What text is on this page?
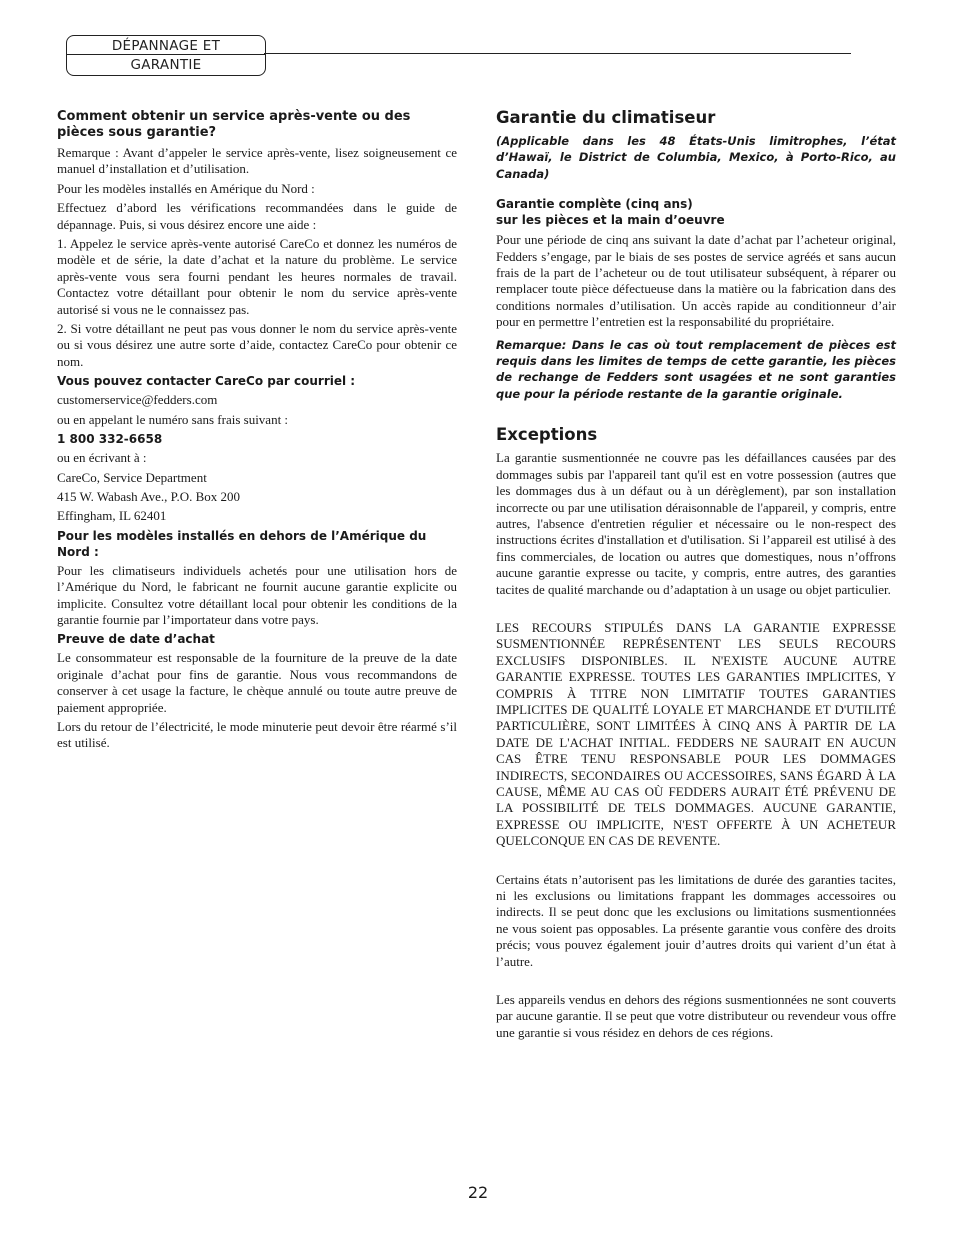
DÉPANNAGE ET
GARANTIE

Comment obtenir un service après-vente ou des pièces sous garantie?

Remarque : Avant d’appeler le service après-vente, lisez soigneusement ce manuel d’installation et d’utilisation.

Pour les modèles installés en Amérique du Nord :

Effectuez d’abord les vérifications recommandées dans le guide de dépannage. Puis, si vous désirez encore une aide :

1. Appelez le service après-vente autorisé CareCo et donnez les numéros de modèle et de série, la date d’achat et la nature du problème. Le service après-vente vous sera fourni pendant les heures normales de travail. Contactez votre détaillant pour obtenir le nom du service après-vente autorisé si vous ne le connaissez pas.

2. Si votre détaillant ne peut pas vous donner le nom du service après-vente ou si vous désirez une autre sorte d’aide, contactez CareCo pour obtenir ce nom.

Vous pouvez contacter CareCo par courriel :

customerservice@fedders.com

ou en appelant le numéro sans frais suivant :

1 800 332-6658

ou en écrivant à :

CareCo, Service Department

415 W. Wabash Ave., P.O. Box 200

Effingham, IL 62401

Pour les modèles installés en dehors de l’Amérique du Nord :

Pour les climatiseurs individuels achetés pour une utilisation hors de l’Amérique du Nord, le fabricant ne fournit aucune garantie explicite ou implicite. Consultez votre détaillant local pour obtenir les conditions de la garantie fournie par l’importateur dans votre pays.

Preuve de date d’achat

Le consommateur est responsable de la fourniture de la preuve de la date originale d’achat pour fins de garantie. Nous vous recommandons de conserver à cet usage la facture, le chèque annulé ou toute autre preuve de paiement appropriée.

Lors du retour de l’électricité, le mode minuterie peut devoir être réarmé s’il est utilisé.

Garantie du climatiseur

(Applicable dans les 48 États-Unis limitrophes, l’état d’Hawaï, le District de Columbia, Mexico, à Porto-Rico, au Canada)

Garantie complète (cinq ans)

sur les pièces et la main d’oeuvre

Pour une période de cinq ans suivant la date d’achat par l’acheteur original, Fedders s’engage, par le biais de ses postes de service agréés et sans aucun frais de la part de l’acheteur ou de tout utilisateur subséquent, à réparer ou remplacer toute pièce défectueuse dans la matière ou la fabrication dans des conditions normales d’utilisation. Un accès rapide au conditionneur d’air pour en permettre l’entretien est la responsabilité du propriétaire.

Remarque: Dans le cas où tout remplacement de pièces est requis dans les limites de temps de cette garantie, les pièces de rechange de Fedders sont usagées et ne sont garanties que pour la période restante de la garantie originale.

Exceptions

La garantie susmentionnée ne couvre pas les défaillances causées par des dommages subis par l'appareil tant qu'il est en votre possession (autres que les dommages dus à un défaut ou à un dérèglement), par son installation incorrecte ou par une utilisation déraisonnable de l'appareil, y compris, entre autres, l'absence d'entretien régulier et nécessaire ou le non-respect des instructions écrites d'installation et d'utilisation. Si l’appareil est utilisé à des fins commerciales, de location ou autres que domestiques, nous n’offrons aucune garantie expresse ou tacite, y compris, entre autres, des garanties tacites de qualité marchande ou d’adaptation à un usage ou objet particulier.

LES RECOURS STIPULÉS DANS LA GARANTIE EXPRESSE SUSMENTIONNÉE REPRÉSENTENT LES SEULS RECOURS EXCLUSIFS DISPONIBLES. IL N'EXISTE AUCUNE AUTRE GARANTIE EXPRESSE. TOUTES LES GARANTIES IMPLICITES, Y COMPRIS À TITRE NON LIMITATIF TOUTES GARANTIES IMPLICITES DE QUALITÉ LOYALE ET MARCHANDE ET D'UTILITÉ PARTICULIÈRE, SONT LIMITÉES À CINQ ANS À PARTIR DE LA DATE DE L'ACHAT INITIAL. FEDDERS NE SAURAIT EN AUCUN CAS ÊTRE TENU RESPONSABLE POUR LES DOMMAGES INDIRECTS, SECONDAIRES OU ACCESSOIRES, SANS ÉGARD À LA CAUSE, MÊME AU CAS OÙ FEDDERS AURAIT ÉTÉ PRÉVENU DE LA POSSIBILITÉ DE TELS DOMMAGES. AUCUNE GARANTIE, EXPRESSE OU IMPLICITE, N'EST OFFERTE À UN ACHETEUR QUELCONQUE EN CAS DE REVENTE.

Certains états n’autorisent pas les limitations de durée des garanties tacites, ni les exclusions ou limitations frappant les dommages accessoires ou indirects. Il se peut donc que les exclusions ou limitations susmentionnées ne vous soient pas opposables. La présente garantie vous confère des droits précis; vous pouvez également jouir d’autres droits qui varient d’un état à l’autre.

Les appareils vendus en dehors des régions susmentionnées ne sont couverts par aucune garantie. Il se peut que votre distributeur ou revendeur vous offre une garantie si vous résidez en dehors de ces régions.

22
